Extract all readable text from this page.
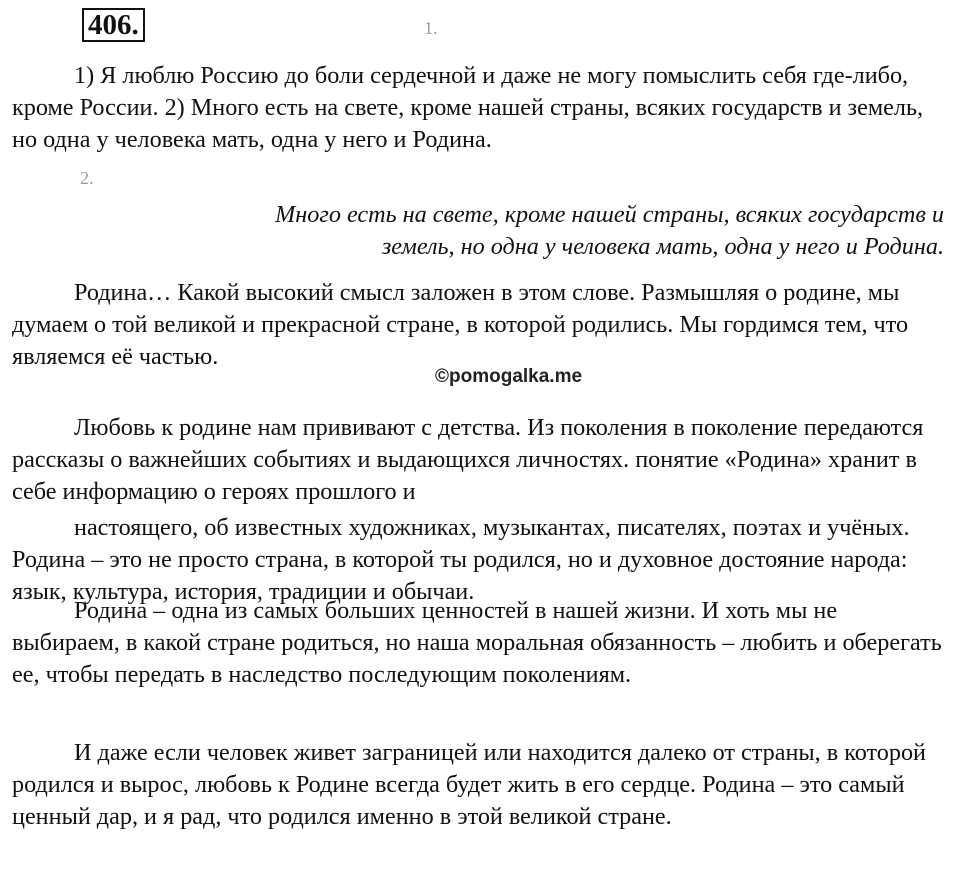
406.	1.

1) Я люблю Россию до боли сердечной и даже не могу помыслить себя где-либо, кроме России. 2) Много есть на свете, кроме нашей страны, всяких государств и земель, но одна у человека мать, одна у него и Родина.

2.

Много есть на свете, кроме нашей страны, всяких государств и
земель, но одна у человека мать, одна у него и Родина.

Родина… Какой высокий смысл заложен в этом слове. Размышляя о родине, мы думаем о той великой и прекрасной стране, в которой родились. Мы гордимся тем, что являемся её частью.

Любовь к родине нам прививают с детства. Из поколения в поколение передаются рассказы о важнейших событиях и выдающихся личностях. понятие «Родина» хранит в себе информацию о героях прошлого и
настоящего, об известных художниках, музыкантах, писателях, поэтах и учёных. Родина – это не просто страна, в которой ты родился, но и духовное достояние народа: язык, культура, история, традиции и обычаи.

Родина – одна из самых больших ценностей в нашей жизни. И хоть мы не выбираем, в какой стране родиться, но наша моральная обязанность – любить и оберегать ее, чтобы передать в наследство последующим поколениям.

И даже если человек живет заграницей или находится далеко от страны, в которой родился и вырос, любовь к Родине всегда будет жить в его сердце. Родина – это самый ценный дар, и я рад, что родился именно в этой великой стране.

©pomogalka.me
